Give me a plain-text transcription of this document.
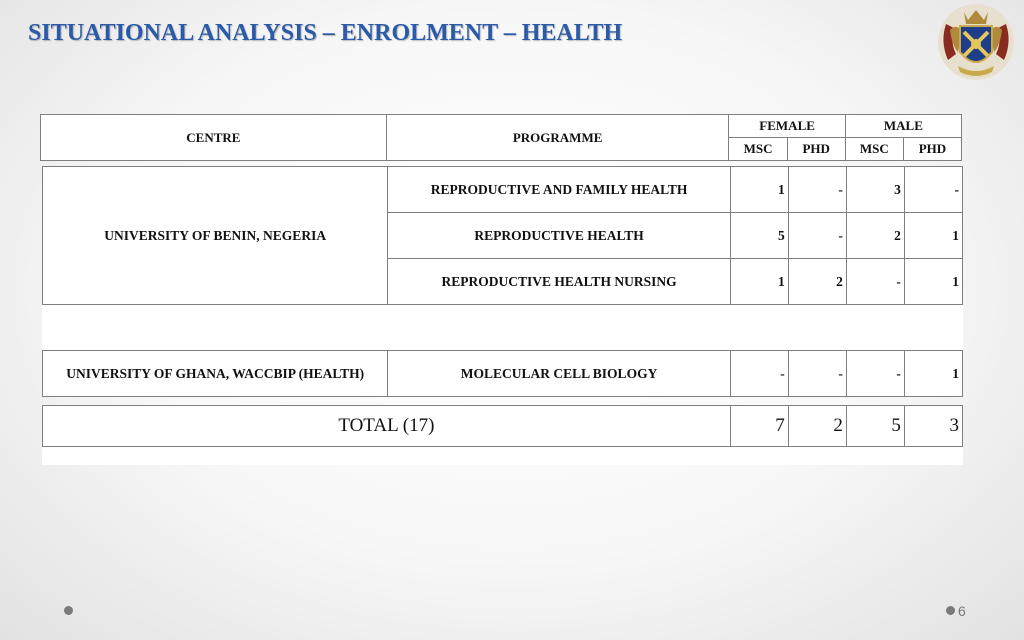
SITUATIONAL ANALYSIS – ENROLMENT – HEALTH
CENTRE	PROGRAMME	FEMALE		MALE	
		MSC	PHD	MSC	PHD
UNIVERSITY OF BENIN, NEGERIA	REPRODUCTIVE AND FAMILY HEALTH	1	-	3	-
	REPRODUCTIVE HEALTH	5	-	2	1
	REPRODUCTIVE HEALTH NURSING	1	2	-	1
UNIVERSITY OF GHANA, WACCBIP (HEALTH)	MOLECULAR CELL BIOLOGY	-	-	-	1
TOTAL (17)	7	2	5	3
6
